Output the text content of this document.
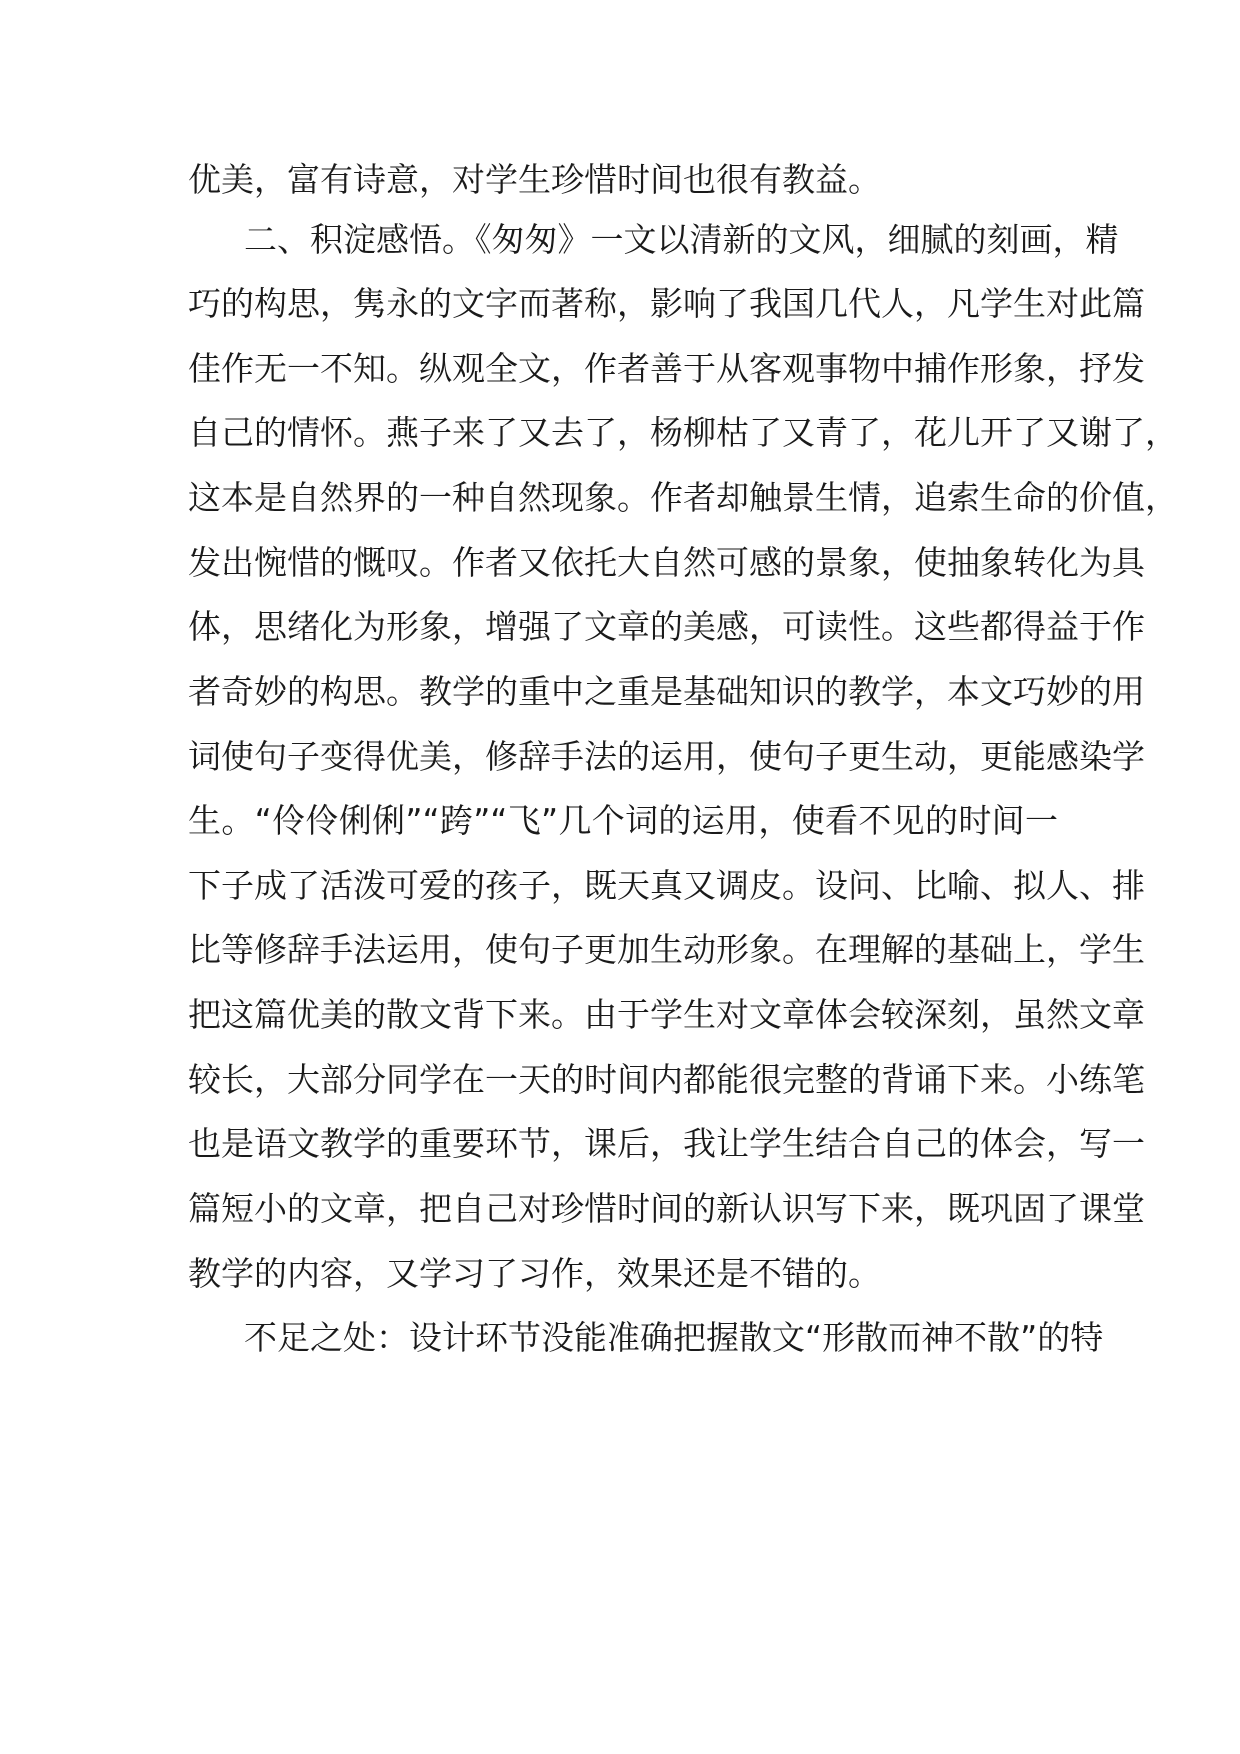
优美，富有诗意，对学生珍惜时间也很有教益。
二、积淀感悟。《匆匆》一文以清新的文风，细腻的刻画，精
巧的构思，隽永的文字而著称，影响了我国几代人，凡学生对此篇
佳作无一不知。纵观全文，作者善于从客观事物中捕作形象，抒发
自己的情怀。燕子来了又去了，杨柳枯了又青了，花儿开了又谢了，
这本是自然界的一种自然现象。作者却触景生情，追索生命的价值，
发出惋惜的慨叹。作者又依托大自然可感的景象，使抽象转化为具
体，思绪化为形象，增强了文章的美感，可读性。这些都得益于作
者奇妙的构思。教学的重中之重是基础知识的教学，本文巧妙的用
词使句子变得优美，修辞手法的运用，使句子更生动，更能感染学
生。“伶伶俐俐”“跨”“飞”几个词的运用，使看不见的时间一
下子成了活泼可爱的孩子，既天真又调皮。设问、比喻、拟人、排
比等修辞手法运用，使句子更加生动形象。在理解的基础上，学生
把这篇优美的散文背下来。由于学生对文章体会较深刻，虽然文章
较长，大部分同学在一天的时间内都能很完整的背诵下来。小练笔
也是语文教学的重要环节，课后，我让学生结合自己的体会，写一
篇短小的文章，把自己对珍惜时间的新认识写下来，既巩固了课堂
教学的内容，又学习了习作，效果还是不错的。
不足之处：设计环节没能准确把握散文“形散而神不散”的特
